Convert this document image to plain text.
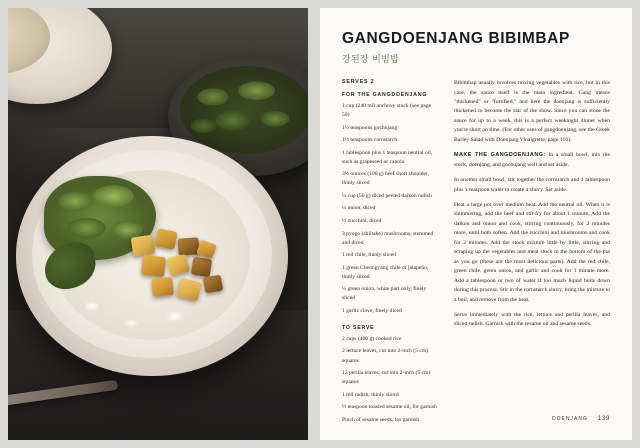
GANGDOENJANG BIBIMBAP
강된장 비빔밥
SERVES 2
FOR THE GANGDOENJANG

1 cup (240 ml) anchovy stock (see page 50)

1½ teaspoons gochujang

1½ teaspoons cornstarch

1 tablespoon plus 1 teaspoon neutral oil, such as grapeseed or canola

3½ ounces (100 g) beef short shoulder, thinly sliced

¼ cup (50 g) diced peeled daikon radish

¼ onion, diced

½ zucchini, diced

3 pyogo (shiitake) mushrooms, stemmed and diced

1 red chile, thinly sliced

1 green Cheongyang chile or jalapeño, thinly sliced

¼ green onion, white part only, finely sliced

1 garlic clove, finely diced

TO SERVE

2 cups (400 g) cooked rice

2 lettuce leaves, cut into 2-inch (5 cm) squares

12 perilla leaves, cut into 2-inch (5 cm) squares

1 red radish, thinly sliced

½ teaspoon toasted sesame oil, for garnish

Pinch of sesame seeds, for garnish

Bibimbap usually involves mixing vegetables with rice, but in this case, the sauce itself is the main ingredient. Gang means "thickened" or "fortified," and here the doenjang is sufficiently thickened to become the star of the show. Since you can stone the sauce for up to a week, this is a perfect weeknight dinner when you're short on time. (For other uses of gangdoenjang, see the Greek Barley Salad with Doenjang Vinaigrette, page 116).

MAKE THE GANGDOENJANG: In a small bowl, mix the stock, doenjang, and gochujang well and set aside.

In another small bowl, stir together the cornstarch and 1 tablespoon plus 1 teaspoon water to create a slurry. Set aside.

Heat a large pot over medium heat. Add the neutral oil. When it is shimmering, add the beef and stir-fry for about 1 minute. Add the daikon and onion and cook, stirring continuously, for 2 minutes more, until both soften. Add the zucchini and mushrooms and cook for 2 minutes. Add the stock mixture little by little, stirring and scraping up the vegetables and meat stuck to the bottom of the pot as you go (these are the most delicious parts). Add the red chile, green chile, green onion, and garlic and cook for 1 minute more. Add a tablespoon or two of water if too much liquid boils down during this process. Stir in the cornstarch slurry, bring the mixture to a boil, and remove from the heat.

Serve immediately with the rice, lettuce and perilla leaves, and sliced radish. Garnish with the sesame oil and sesame seeds.

DOENJANG 139
